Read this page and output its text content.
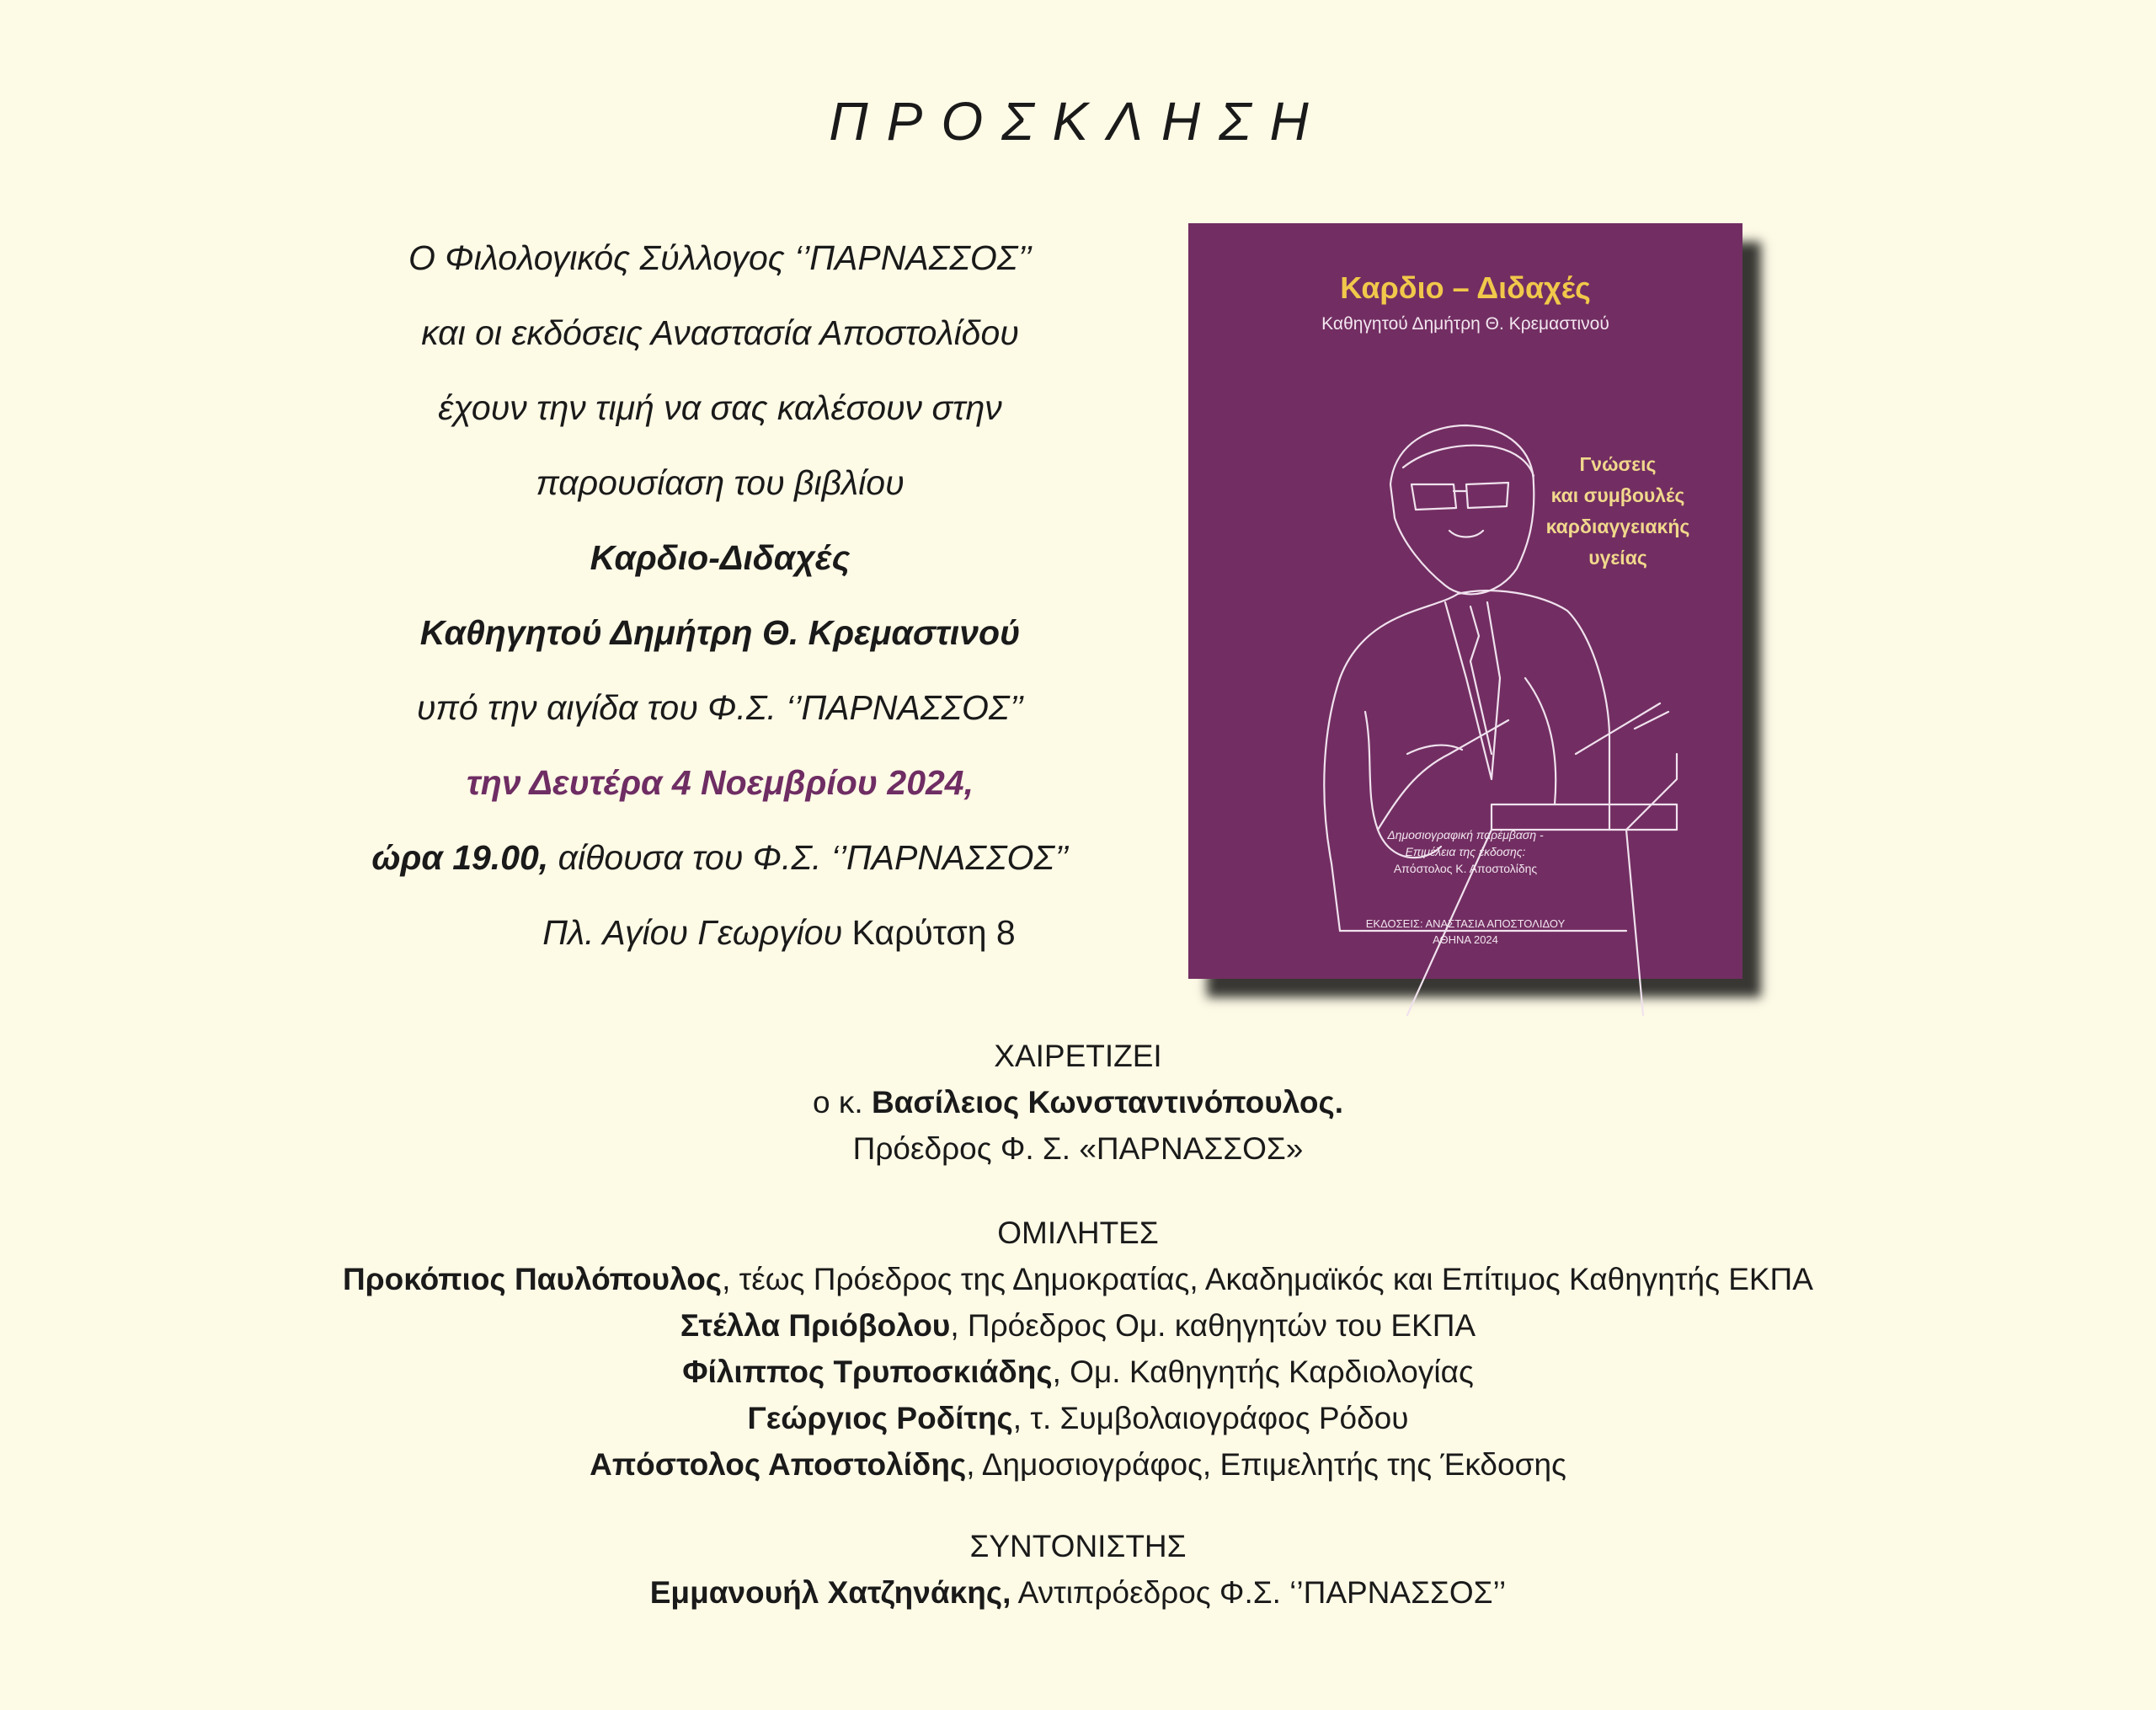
ΠΡΟΣΚΛΗΣΗ
Ο Φιλολογικός Σύλλογος ‘’ΠΑΡΝΑΣΣΟΣ’’
και οι εκδόσεις Αναστασία Αποστολίδου
έχουν την τιμή να σας καλέσουν στην
παρουσίαση του βιβλίου
Καρδιο-Διδαχές
Καθηγητού Δημήτρη Θ. Κρεμαστινού
υπό την αιγίδα του Φ.Σ. ‘’ΠΑΡΝΑΣΣΟΣ’’
την Δευτέρα 4 Νοεμβρίου 2024,
ώρα 19.00, αίθουσα του Φ.Σ. ‘’ΠΑΡΝΑΣΣΟΣ’’
Πλ. Αγίου Γεωργίου Καρύτση 8
Καρδιο – Διδαχές
Καθηγητού Δημήτρη Θ. Κρεμαστινού
Γνώσεις
και συμβουλές
καρδιαγγειακής
υγείας
Δημοσιογραφική παρέμβαση -
Επιμέλεια της έκδοσης:
Απόστολος Κ. Αποστολίδης
ΕΚΔΟΣΕΙΣ: ΑΝΑΣΤΑΣΙΑ ΑΠΟΣΤΟΛΙΔΟΥ
ΑΘΗΝΑ 2024
ΧΑΙΡΕΤΙΖΕΙ
ο κ. Βασίλειος Κωνσταντινόπουλος.
Πρόεδρος Φ. Σ. «ΠΑΡΝΑΣΣΟΣ»
ΟΜΙΛΗΤΕΣ
Προκόπιος Παυλόπουλος, τέως Πρόεδρος της Δημοκρατίας, Ακαδημαϊκός και Επίτιμος Καθηγητής ΕΚΠΑ
Στέλλα Πριόβολου, Πρόεδρος Ομ. καθηγητών του ΕΚΠΑ
Φίλιππος Τρυποσκιάδης, Ομ. Καθηγητής Καρδιολογίας
Γεώργιος Ροδίτης, τ. Συμβολαιογράφος Ρόδου
Απόστολος Αποστολίδης, Δημοσιογράφος, Επιμελητής της Έκδοσης
ΣΥΝΤΟΝΙΣΤΗΣ
Εμμανουήλ Χατζηνάκης, Αντιπρόεδρος Φ.Σ. ‘’ΠΑΡΝΑΣΣΟΣ’’
